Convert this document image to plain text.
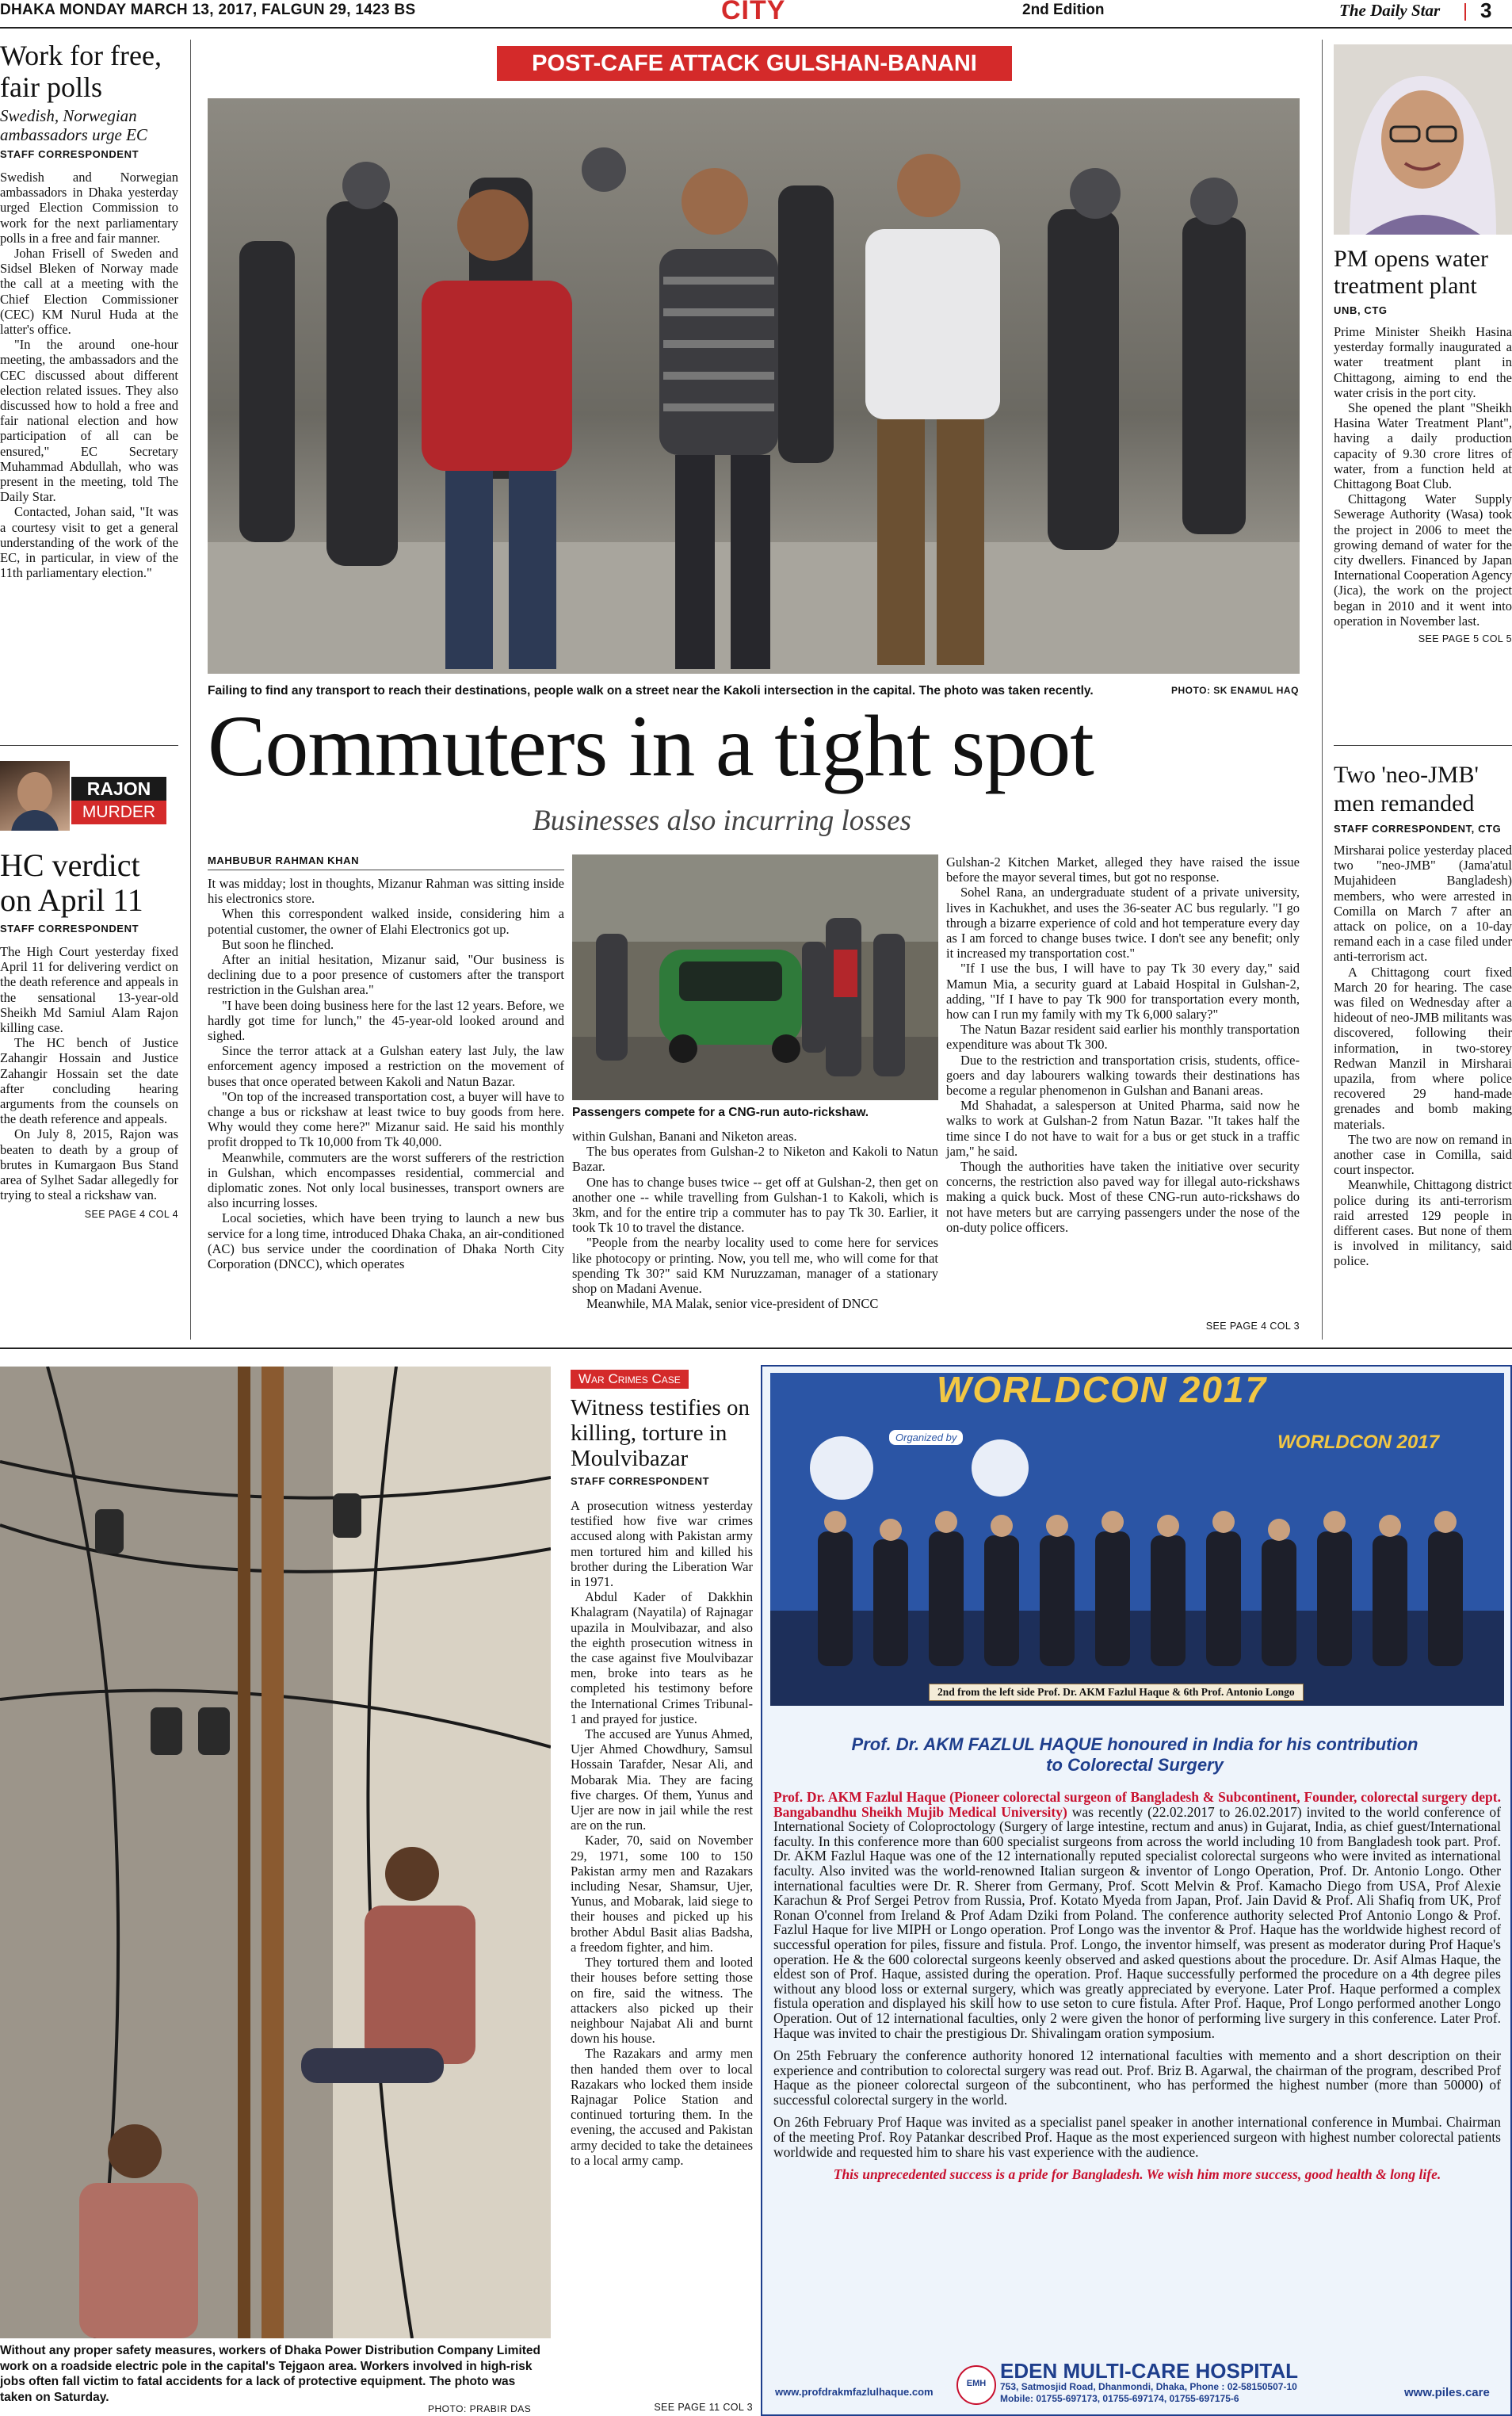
DHAKA MONDAY MARCH 13, 2017, FALGUN 29, 1423 BS	CITY	2nd Edition	The Daily Star 3
Work for free, fair polls
Swedish, Norwegian ambassadors urge EC
STAFF CORRESPONDENT

Swedish and Norwegian ambassadors in Dhaka yesterday urged Election Commission to work for the next parliamentary polls in a free and fair manner.

Johan Frisell of Sweden and Sidsel Bleken of Norway made the call at a meeting with the Chief Election Commissioner (CEC) KM Nurul Huda at the latter's office.

"In the around one-hour meeting, the ambassadors and the CEC discussed about different election related issues. They also discussed how to hold a free and fair national election and how participation of all can be ensured," EC Secretary Muhammad Abdullah, who was present in the meeting, told The Daily Star.

Contacted, Johan said, "It was a courtesy visit to get a general understanding of the work of the EC, in particular, in view of the 11th parliamentary election."

RAJON
MURDER
HC verdict on April 11
STAFF CORRESPONDENT

The High Court yesterday fixed April 11 for delivering verdict on the death reference and appeals in the sensational 13-year-old Sheikh Md Samiul Alam Rajon killing case.

The HC bench of Justice Zahangir Hossain and Justice Zahangir Hossain set the date after concluding hearing arguments from the counsels on the death reference and appeals.

On July 8, 2015, Rajon was beaten to death by a group of brutes in Kumargaon Bus Stand area of Sylhet Sadar allegedly for trying to steal a rickshaw van.

SEE PAGE 4 COL 4
POST-CAFE ATTACK GULSHAN-BANANI
Failing to find any transport to reach their destinations, people walk on a street near the Kakoli intersection in the capital. The photo was taken recently.	PHOTO: SK ENAMUL HAQ
Commuters in a tight spot
Businesses also incurring losses
MAHBUBUR RAHMAN KHAN

It was midday; lost in thoughts, Mizanur Rahman was sitting inside his electronics store.

When this correspondent walked inside, considering him a potential customer, the owner of Elahi Electronics got up.

But soon he flinched.

After an initial hesitation, Mizanur said, "Our business is declining due to a poor presence of customers after the transport restriction in the Gulshan area."

"I have been doing business here for the last 12 years. Before, we hardly got time for lunch," the 45-year-old looked around and sighed.

Since the terror attack at a Gulshan eatery last July, the law enforcement agency imposed a restriction on the movement of buses that once operated between Kakoli and Natun Bazar.

"On top of the increased transportation cost, a buyer will have to change a bus or rickshaw at least twice to buy goods from here. Why would they come here?" Mizanur said. He said his monthly profit dropped to Tk 10,000 from Tk 40,000.

Meanwhile, commuters are the worst sufferers of the restriction in Gulshan, which encompasses residential, commercial and diplomatic zones. Not only local businesses, transport owners are also incurring losses.

Local societies, which have been trying to launch a new bus service for a long time, introduced Dhaka Chaka, an air-conditioned (AC) bus service under the coordination of Dhaka North City Corporation (DNCC), which operates

Passengers compete for a CNG-run auto-rickshaw.

within Gulshan, Banani and Niketon areas.

The bus operates from Gulshan-2 to Niketon and Kakoli to Natun Bazar.

One has to change buses twice -- get off at Gulshan-2, then get on another one -- while travelling from Gulshan-1 to Kakoli, which is 3km, and for the entire trip a commuter has to pay Tk 30. Earlier, it took Tk 10 to travel the distance.

"People from the nearby locality used to come here for services like photocopy or printing. Now, you tell me, who will come for that spending Tk 30?" said KM Nuruzzaman, manager of a stationary shop on Madani Avenue.

Meanwhile, MA Malak, senior vice-president of DNCC

Gulshan-2 Kitchen Market, alleged they have raised the issue before the mayor several times, but got no response.

Sohel Rana, an undergraduate student of a private university, lives in Kachukhet, and uses the 36-seater AC bus regularly. "I go through a bizarre experience of cold and hot temperature every day as I am forced to change buses twice. I don't see any benefit; only it increased my transportation cost."

"If I use the bus, I will have to pay Tk 30 every day," said Mamun Mia, a security guard at Labaid Hospital in Gulshan-2, adding, "If I have to pay Tk 900 for transportation every month, how can I run my family with my Tk 6,000 salary?"

The Natun Bazar resident said earlier his monthly transportation expenditure was about Tk 300.

Due to the restriction and transportation crisis, students, office-goers and day labourers walking towards their destinations has become a regular phenomenon in Gulshan and Banani areas.

Md Shahadat, a salesperson at United Pharma, said now he walks to work at Gulshan-2 from Natun Bazar. "It takes half the time since I do not have to wait for a bus or get stuck in a traffic jam," he said.

Though the authorities have taken the initiative over security concerns, the restriction also paved way for illegal auto-rickshaws making a quick buck. Most of these CNG-run auto-rickshaws do not have meters but are carrying passengers under the nose of the on-duty police officers.

SEE PAGE 4 COL 3
PM opens water treatment plant
UNB, CTG

Prime Minister Sheikh Hasina yesterday formally inaugurated a water treatment plant in Chittagong, aiming to end the water crisis in the port city.

She opened the plant "Sheikh Hasina Water Treatment Plant", having a daily production capacity of 9.30 crore litres of water, from a function held at Chittagong Boat Club.

Chittagong Water Supply Sewerage Authority (Wasa) took the project in 2006 to meet the growing demand of water for the city dwellers. Financed by Japan International Cooperation Agency (Jica), the work on the project began in 2010 and it went into operation in November last.

SEE PAGE 5 COL 5
Two 'neo-JMB' men remanded
STAFF CORRESPONDENT, CTG

Mirsharai police yesterday placed two "neo-JMB" (Jama'atul Mujahideen Bangladesh) members, who were arrested in Comilla on March 7 after an attack on police, on a 10-day remand each in a case filed under anti-terrorism act.

A Chittagong court fixed March 20 for hearing. The case was filed on Wednesday after a hideout of neo-JMB militants was discovered, following their information, in two-storey Redwan Manzil in Mirsharai upazila, from where police recovered 29 hand-made grenades and bomb making materials.

The two are now on remand in another case in Comilla, said court inspector.

Meanwhile, Chittagong district police during its anti-terrorism raid arrested 129 people in different cases. But none of them is involved in militancy, said police.

Without any proper safety measures, workers of Dhaka Power Distribution Company Limited work on a roadside electric pole in the capital's Tejgaon area. Workers involved in high-risk jobs often fall victim to fatal accidents for a lack of protective equipment. The photo was taken on Saturday.
PHOTO: PRABIR DAS
War Crimes Case
Witness testifies on killing, torture in Moulvibazar
STAFF CORRESPONDENT

A prosecution witness yesterday testified how five war crimes accused along with Pakistan army men tortured him and killed his brother during the Liberation War in 1971.

Abdul Kader of Dakkhin Khalagram (Nayatila) of Rajnagar upazila in Moulvibazar, and also the eighth prosecution witness in the case against five Moulvibazar men, broke into tears as he completed his testimony before the International Crimes Tribunal-1 and prayed for justice.

The accused are Yunus Ahmed, Ujer Ahmed Chowdhury, Samsul Hossain Tarafder, Nesar Ali, and Mobarak Mia. They are facing five charges. Of them, Yunus and Ujer are now in jail while the rest are on the run.

Kader, 70, said on November 29, 1971, some 100 to 150 Pakistan army men and Razakars including Nesar, Shamsur, Ujer, Yunus, and Mobarak, laid siege to their houses and picked up his brother Abdul Basit alias Badsha, a freedom fighter, and him.

They tortured them and looted their houses before setting those on fire, said the witness. The attackers also picked up their neighbour Najabat Ali and burnt down his house.

The Razakars and army men then handed them over to local Razakars who locked them inside Rajnagar Police Station and continued torturing them. In the evening, the accused and Pakistan army decided to take the detainees to a local army camp.

SEE PAGE 11 COL 3
WORLDCON 2017
WORLDCON 2017
Organized by
2nd from the left side Prof. Dr. AKM Fazlul Haque & 6th Prof. Antonio Longo
Prof. Dr. AKM FAZLUL HAQUE honoured in India for his contribution to Colorectal Surgery
Prof. Dr. AKM Fazlul Haque (Pioneer colorectal surgeon of Bangladesh & Subcontinent, Founder, colorectal surgery dept. Bangabandhu Sheikh Mujib Medical University) was recently (22.02.2017 to 26.02.2017) invited to the world conference of International Society of Coloproctology (Surgery of large intestine, rectum and anus) in Gujarat, India, as chief guest/International faculty. In this conference more than 600 specialist surgeons from across the world including 10 from Bangladesh took part. Prof. Dr. AKM Fazlul Haque was one of the 12 internationally reputed specialist colorectal surgeons who were invited as international faculty. Also invited was the world-renowned Italian surgeon & inventor of Longo Operation, Prof. Dr. Antonio Longo. Other international faculties were Dr. R. Sherer from Germany, Prof. Scott Melvin & Prof. Kamacho Diego from USA, Prof Alexie Karachun & Prof Sergei Petrov from Russia, Prof. Kotato Myeda from Japan, Prof. Jain David & Prof. Ali Shafiq from UK, Prof Ronan O'connel from Ireland & Prof Adam Dziki from Poland. The conference authority selected Prof Antonio Longo & Prof. Fazlul Haque for live MIPH or Longo operation. Prof Longo was the inventor & Prof. Haque has the worldwide highest record of successful operation for piles, fissure and fistula. Prof. Longo, the inventor himself, was present as moderator during Prof Haque's operation. He & the 600 colorectal surgeons keenly observed and asked questions about the procedure. Dr. Asif Almas Haque, the eldest son of Prof. Haque, assisted during the operation. Prof. Haque successfully performed the procedure on a 4th degree piles without any blood loss or external surgery, which was greatly appreciated by everyone. Later Prof. Haque performed a complex fistula operation and displayed his skill how to use seton to cure fistula. After Prof. Haque, Prof Longo performed another Longo Operation. Out of 12 international faculties, only 2 were given the honor of performing live surgery in this conference. Later Prof. Haque was invited to chair the prestigious Dr. Shivalingam oration symposium.
On 25th February the conference authority honored 12 international faculties with memento and a short description on their experience and contribution to colorectal surgery was read out. Prof. Briz B. Agarwal, the chairman of the program, described Prof Haque as the pioneer colorectal surgeon of the subcontinent, who has performed the highest number (more than 50000) of successful colorectal surgery in the world.
On 26th February Prof Haque was invited as a specialist panel speaker in another international conference in Mumbai. Chairman of the meeting Prof. Roy Patankar described Prof. Haque as the most experienced surgeon with highest number colorectal patients worldwide and requested him to share his vast experience with the audience.
This unprecedented success is a pride for Bangladesh. We wish him more success, good health & long life.
www.profdrakmfazlulhaque.com
EMH
EDEN MULTI-CARE HOSPITAL
753, Satmosjid Road, Dhanmondi, Dhaka, Phone : 02-58150507-10
Mobile: 01755-697173, 01755-697174, 01755-697175-6	www.piles.care
